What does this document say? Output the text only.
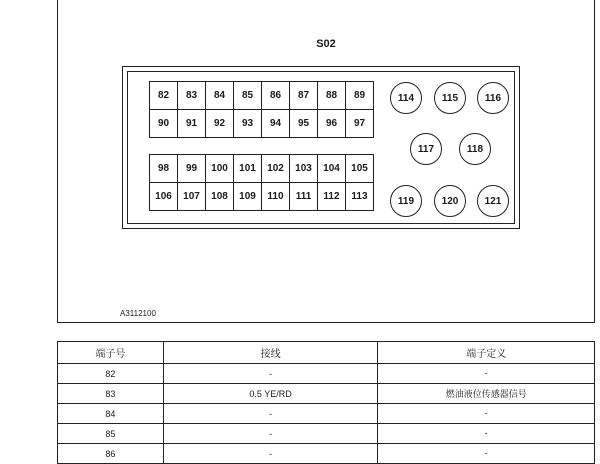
S02
82	83	84	85	86	87	88	89
90	91	92	93	94	95	96	97
98	99	100	101	102	103	104	105
106	107	108	109	110	111	112	113
114	115	116
117	118
119	120	121
A3112100
端子号	接线	端子定义
82	-	-
83	0.5 YE/RD	燃油液位传感器信号
84	-	-
85	-	-
86	-	-
